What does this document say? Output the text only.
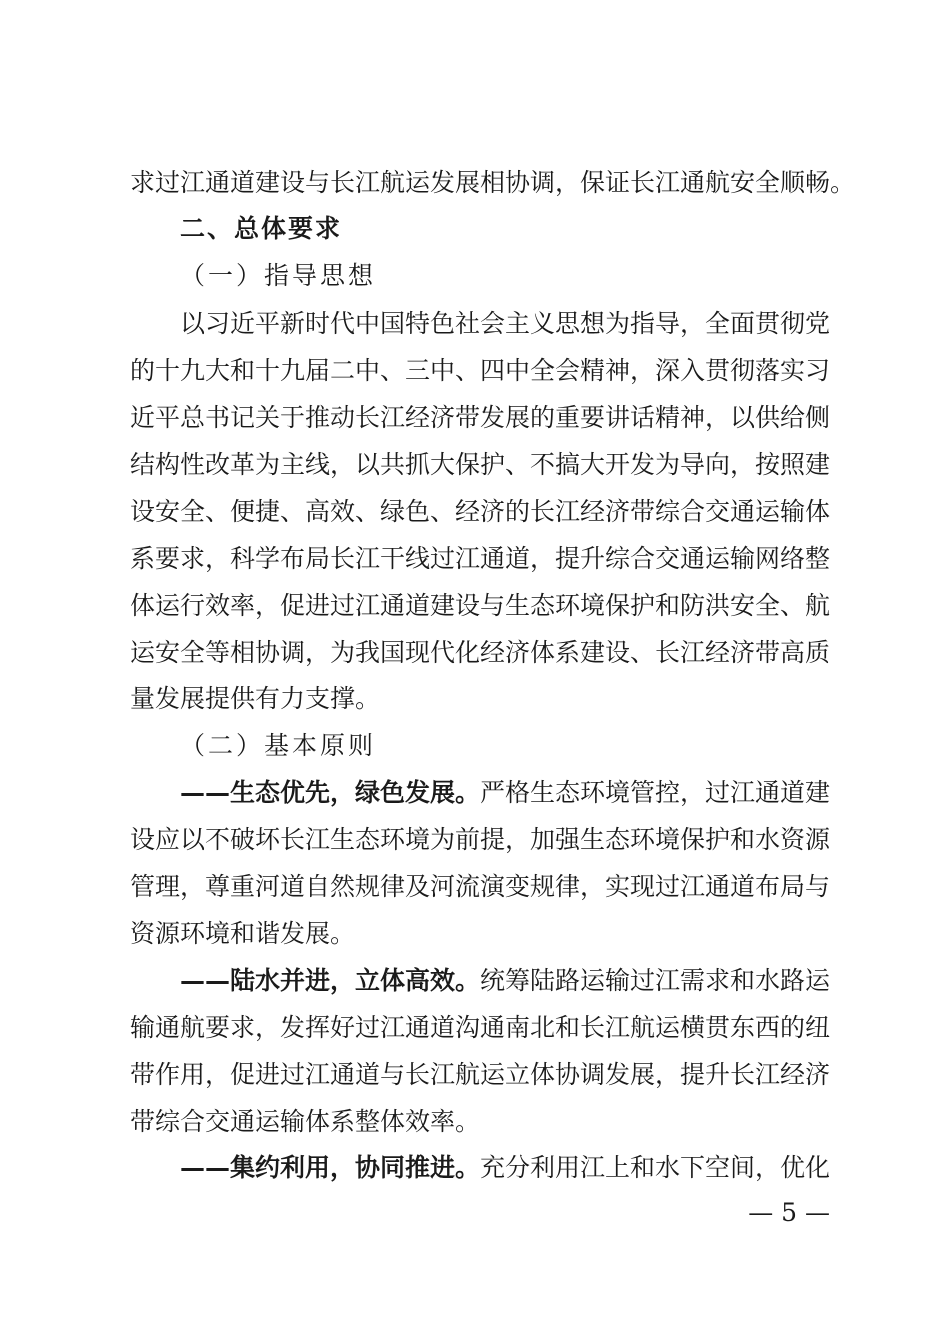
求过江通道建设与长江航运发展相协调，保证长江通航安全顺畅。
二、总体要求
（一）指导思想
以习近平新时代中国特色社会主义思想为指导，全面贯彻党
的十九大和十九届二中、三中、四中全会精神，深入贯彻落实习
近平总书记关于推动长江经济带发展的重要讲话精神，以供给侧
结构性改革为主线，以共抓大保护、不搞大开发为导向，按照建
设安全、便捷、高效、绿色、经济的长江经济带综合交通运输体
系要求，科学布局长江干线过江通道，提升综合交通运输网络整
体运行效率，促进过江通道建设与生态环境保护和防洪安全、航
运安全等相协调，为我国现代化经济体系建设、长江经济带高质
量发展提供有力支撑。
（二）基本原则
——生态优先，绿色发展。严格生态环境管控，过江通道建
设应以不破坏长江生态环境为前提，加强生态环境保护和水资源
管理，尊重河道自然规律及河流演变规律，实现过江通道布局与
资源环境和谐发展。
——陆水并进，立体高效。统筹陆路运输过江需求和水路运
输通航要求，发挥好过江通道沟通南北和长江航运横贯东西的纽
带作用，促进过江通道与长江航运立体协调发展，提升长江经济
带综合交通运输体系整体效率。
——集约利用，协同推进。充分利用江上和水下空间，优化
— 5 —
